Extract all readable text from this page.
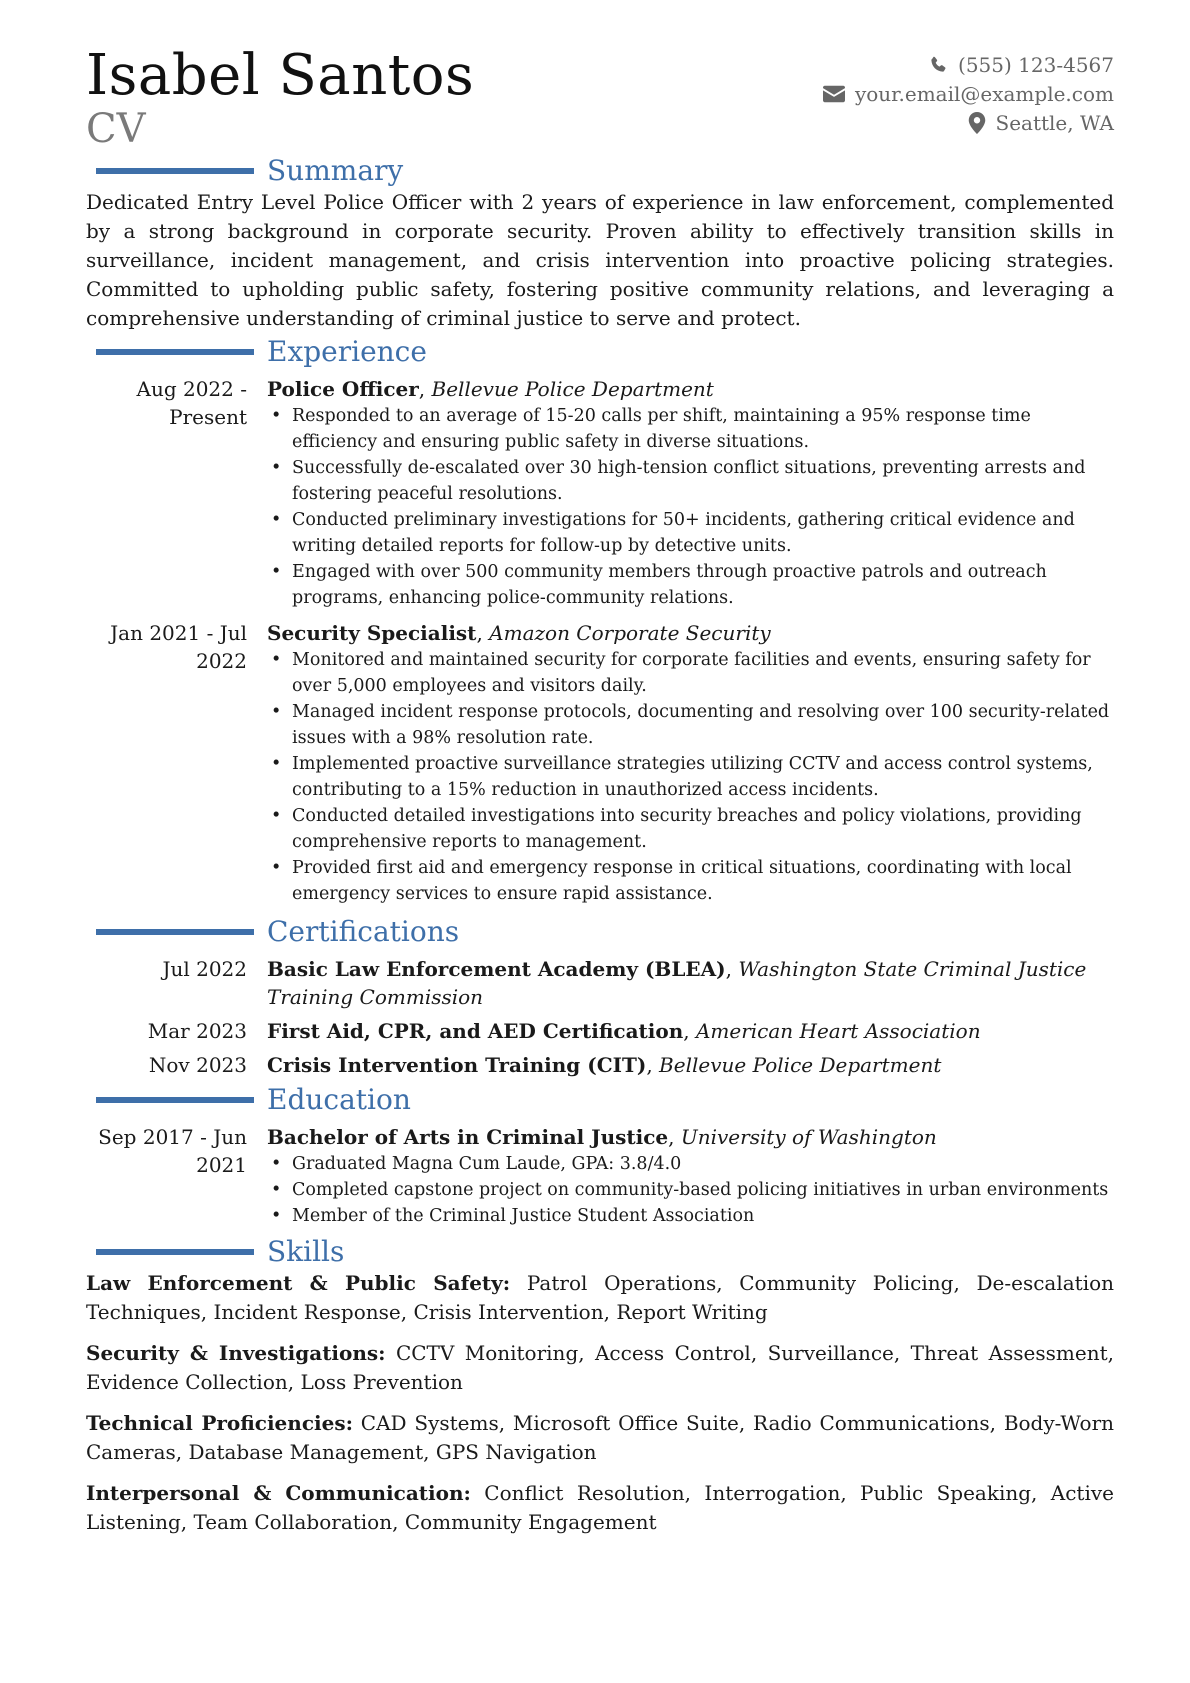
Isabel Santos
CV
(555) 123-4567
your.email@example.com
Seattle, WA
Summary

Dedicated Entry Level Police Officer with 2 years of experience in law enforcement, complemented by a strong background in corporate security. Proven ability to effectively transition skills in surveillance, incident management, and crisis intervention into proactive policing strategies. Committed to upholding public safety, fostering positive community relations, and leveraging a comprehensive understanding of criminal justice to serve and protect.

Experience
Aug 2022 - Present
Police Officer, Bellevue Police Department
• Responded to an average of 15-20 calls per shift, maintaining a 95% response time efficiency and ensuring public safety in diverse situations.
• Successfully de-escalated over 30 high-tension conflict situations, preventing arrests and fostering peaceful resolutions.
• Conducted preliminary investigations for 50+ incidents, gathering critical evidence and writing detailed reports for follow-up by detective units.
• Engaged with over 500 community members through proactive patrols and outreach programs, enhancing police-community relations.
Jan 2021 - Jul 2022
Security Specialist, Amazon Corporate Security
• Monitored and maintained security for corporate facilities and events, ensuring safety for over 5,000 employees and visitors daily.
• Managed incident response protocols, documenting and resolving over 100 security-related issues with a 98% resolution rate.
• Implemented proactive surveillance strategies utilizing CCTV and access control systems, contributing to a 15% reduction in unauthorized access incidents.
• Conducted detailed investigations into security breaches and policy violations, providing comprehensive reports to management.
• Provided first aid and emergency response in critical situations, coordinating with local emergency services to ensure rapid assistance.
Certifications
Jul 2022 Basic Law Enforcement Academy (BLEA), Washington State Criminal Justice Training Commission
Mar 2023 First Aid, CPR, and AED Certification, American Heart Association
Nov 2023 Crisis Intervention Training (CIT), Bellevue Police Department
Education
Sep 2017 - Jun 2021
Bachelor of Arts in Criminal Justice, University of Washington
• Graduated Magna Cum Laude, GPA: 3.8/4.0
• Completed capstone project on community-based policing initiatives in urban environments
• Member of the Criminal Justice Student Association
Skills

Law Enforcement & Public Safety: Patrol Operations, Community Policing, De-escalation Techniques, Incident Response, Crisis Intervention, Report Writing

Security & Investigations: CCTV Monitoring, Access Control, Surveillance, Threat Assessment, Evidence Collection, Loss Prevention

Technical Proficiencies: CAD Systems, Microsoft Office Suite, Radio Communications, Body-Worn Cameras, Database Management, GPS Navigation

Interpersonal & Communication: Conflict Resolution, Interrogation, Public Speaking, Active Listening, Team Collaboration, Community Engagement
